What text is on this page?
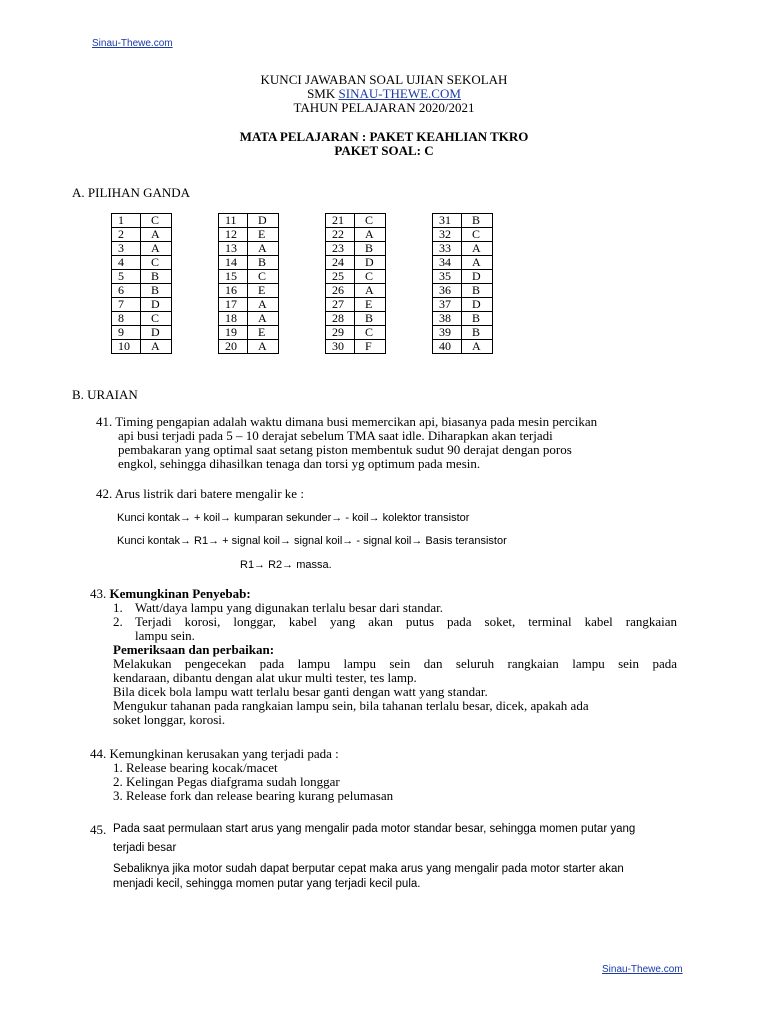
Sinau-Thewe.com
KUNCI JAWABAN SOAL UJIAN SEKOLAH
SMK SINAU-THEWE.COM
TAHUN PELAJARAN 2020/2021
MATA PELAJARAN : PAKET KEAHLIAN TKRO
PAKET SOAL: C
A. PILIHAN GANDA
1	C
2	A
3	A
4	C
5	B
6	B
7	D
8	C
9	D
10	A
11	D
12	E
13	A
14	B
15	C
16	E
17	A
18	A
19	E
20	A
21	C
22	A
23	B
24	D
25	C
26	A
27	E
28	B
29	C
30	F
31	B
32	C
33	A
34	A
35	D
36	B
37	D
38	B
39	B
40	A
B. URAIAN
41. Timing pengapian adalah waktu dimana busi memercikan api, biasanya pada mesin percikan
api busi terjadi pada 5 – 10 derajat sebelum TMA saat idle. Diharapkan akan terjadi
pembakaran yang optimal saat setang piston membentuk sudut 90 derajat dengan poros
engkol, sehingga dihasilkan tenaga dan torsi yg optimum pada mesin.
42. Arus listrik dari batere mengalir ke :
Kunci kontak→ + koil→ kumparan sekunder→ - koil→ kolektor transistor
Kunci kontak→ R1→ + signal koil→ signal koil→ - signal koil→ Basis teransistor
R1→ R2→ massa.
43. Kemungkinan Penyebab:
1. Watt/daya lampu yang digunakan terlalu besar dari standar.
2. Terjadi korosi, longgar, kabel yang akan putus pada soket, terminal kabel rangkaian
lampu sein.
Pemeriksaan dan perbaikan:
Melakukan pengecekan pada lampu lampu sein dan seluruh rangkaian lampu sein pada
kendaraan, dibantu dengan alat ukur multi tester, tes lamp.
Bila dicek bola lampu watt terlalu besar ganti dengan watt yang standar.
Mengukur tahanan pada rangkaian lampu sein, bila tahanan terlalu besar, dicek, apakah ada
soket longgar, korosi.
44. Kemungkinan kerusakan yang terjadi pada :
1. Release bearing kocak/macet
2. Kelingan Pegas diafgrama sudah longgar
3. Release fork dan release bearing kurang pelumasan
45. Pada saat permulaan start arus yang mengalir pada motor standar besar, sehingga momen putar yang
terjadi besar
Sebaliknya jika motor sudah dapat berputar cepat maka arus yang mengalir pada motor starter akan
menjadi kecil, sehingga momen putar yang terjadi kecil pula.
Sinau-Thewe.com
